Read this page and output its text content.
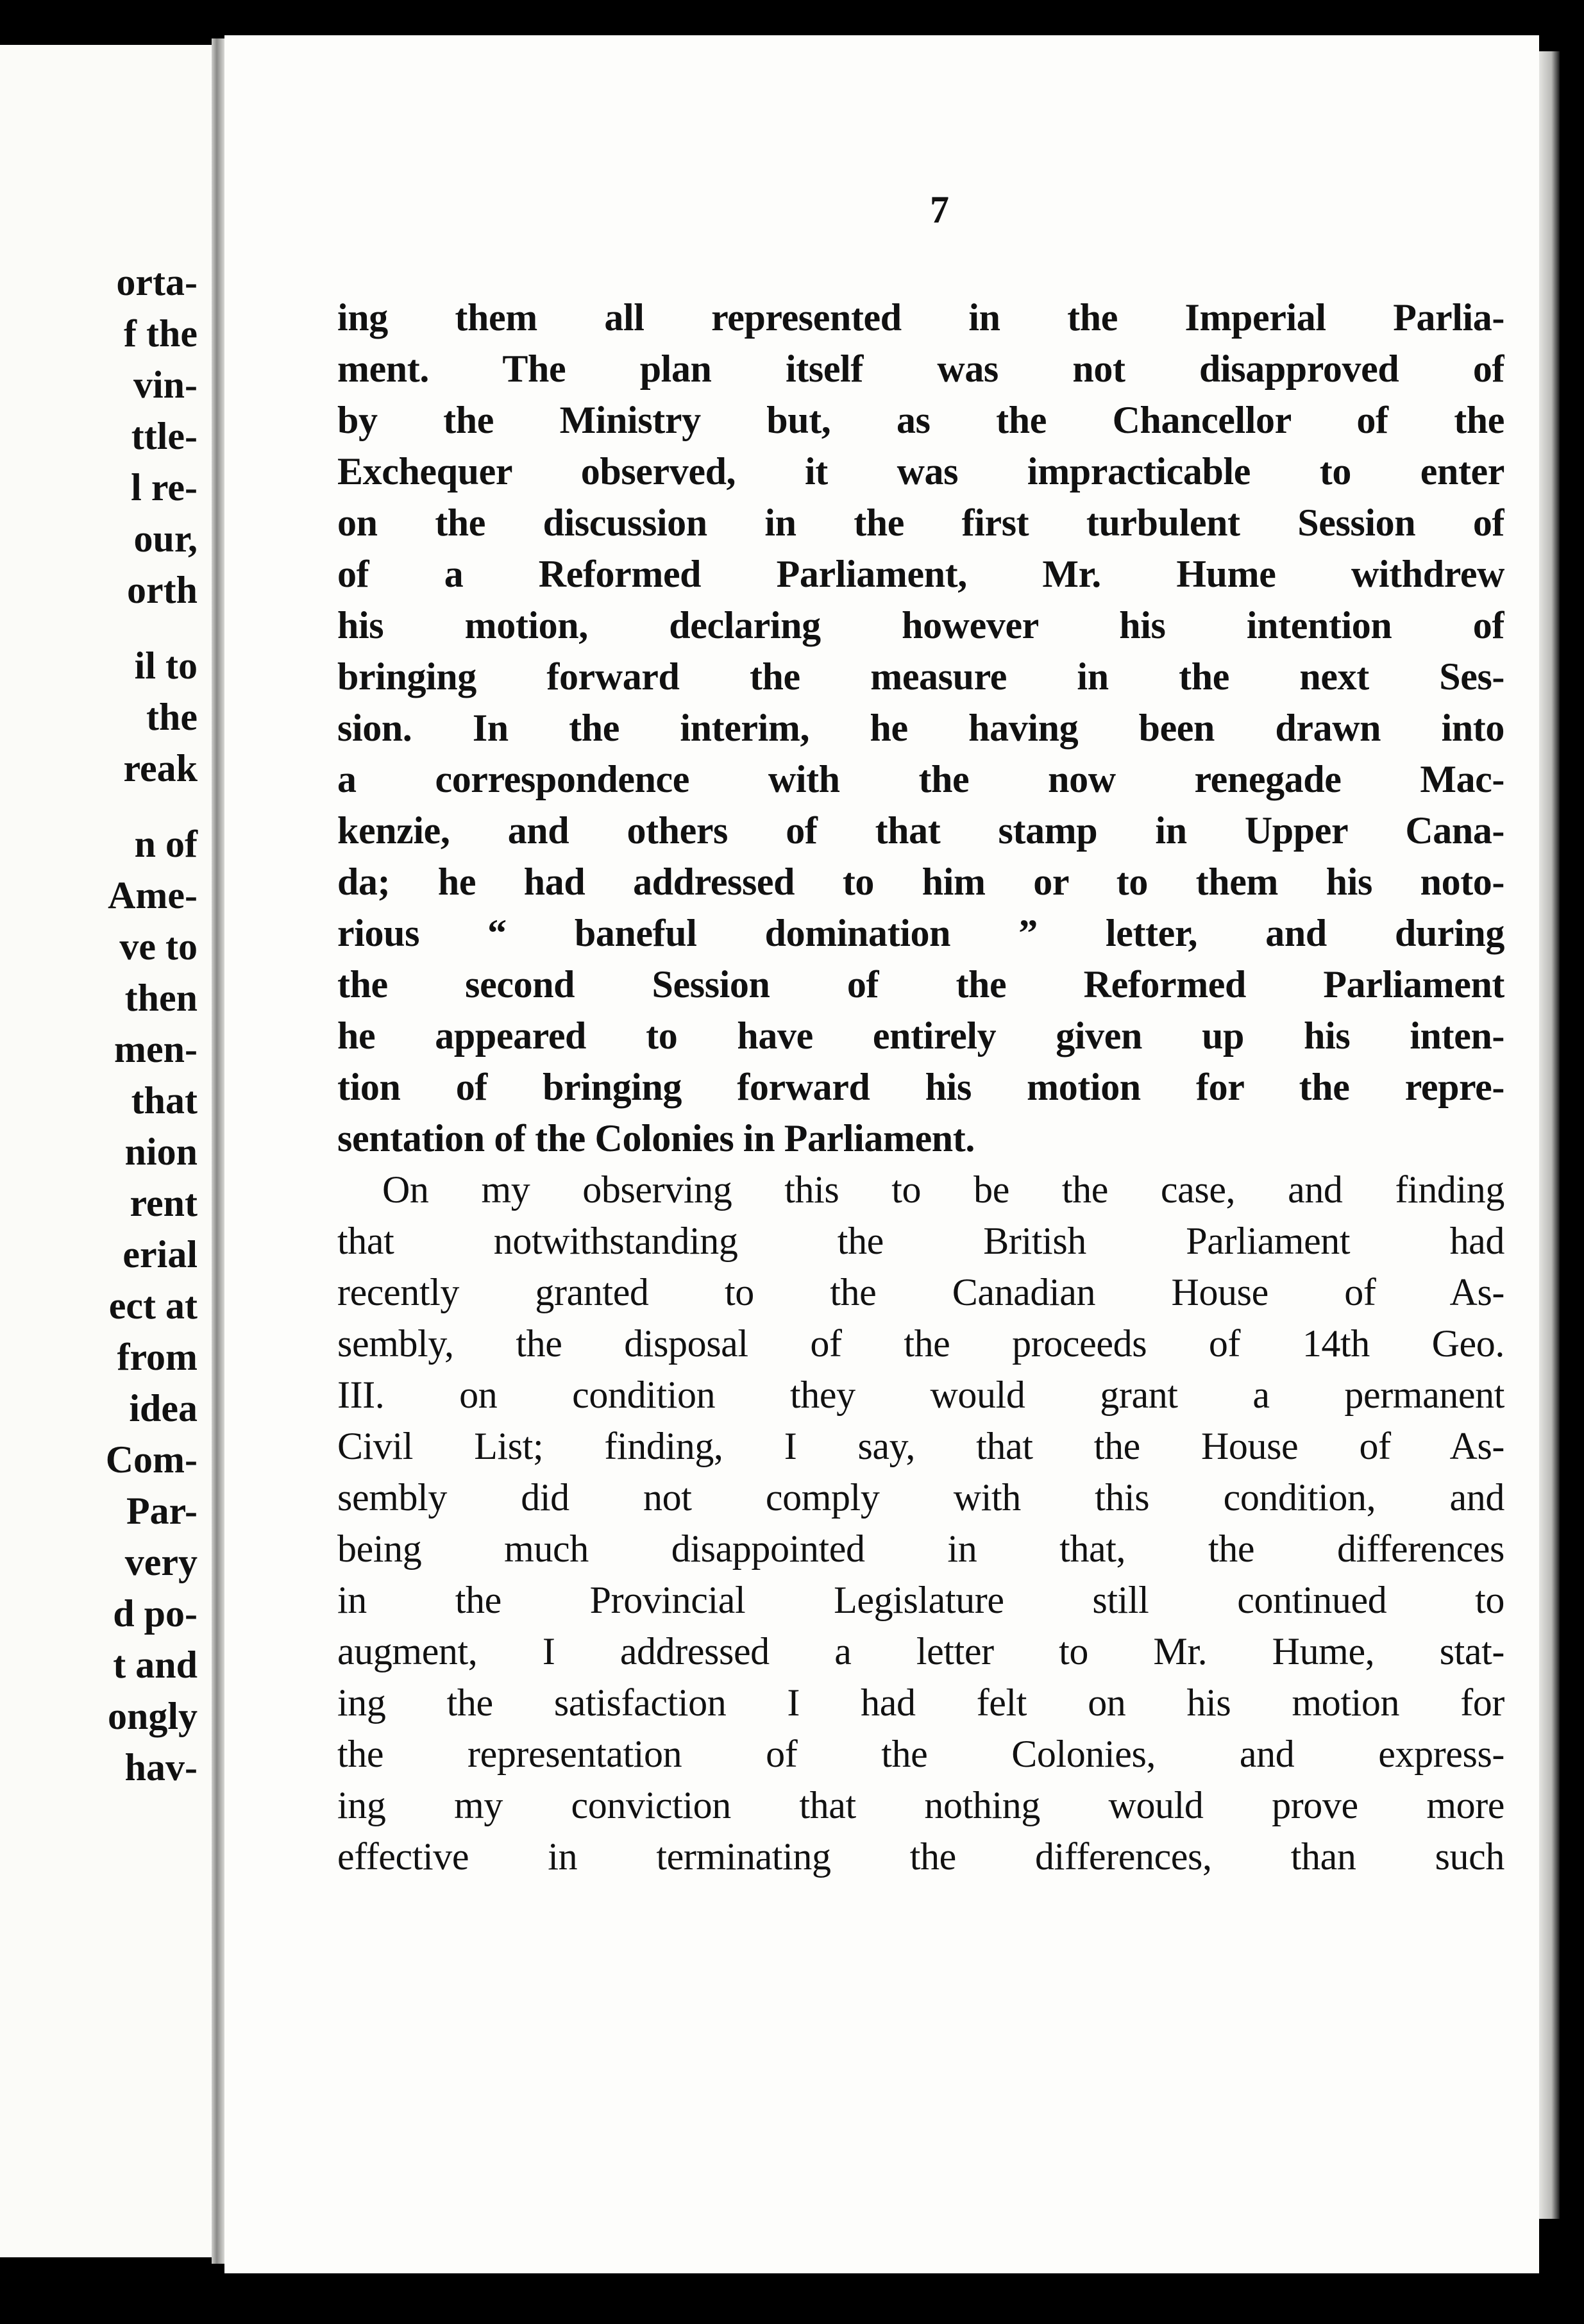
orta-
f the
vin-
ttle-
l re-
our,
orth
il to
the
reak
n of
Ame-
ve to
then
men-
that
nion
rent
erial
ect at
from
idea
Com-
Par-
very
d po-
t and
ongly
hav-
7
ing them all represented in the Imperial Parlia-
ment. The plan itself was not disapproved of
by the Ministry but, as the Chancellor of the
Exchequer observed, it was impracticable to enter
on the discussion in the first turbulent Session of
of a Reformed Parliament, Mr. Hume withdrew
his motion, declaring however his intention of
bringing forward the measure in the next Ses-
sion. In the interim, he having been drawn into
a correspondence with the now renegade Mac-
kenzie, and others of that stamp in Upper Cana-
da; he had addressed to him or to them his noto-
rious “ baneful domination ” letter, and during
the second Session of the Reformed Parliament
he appeared to have entirely given up his inten-
tion of bringing forward his motion for the repre-
sentation of the Colonies in Parliament.
On my observing this to be the case, and finding
that notwithstanding the British Parliament had
recently granted to the Canadian House of As-
sembly, the disposal of the proceeds of 14th Geo.
III. on condition they would grant a permanent
Civil List; finding, I say, that the House of As-
sembly did not comply with this condition, and
being much disappointed in that, the differences
in the Provincial Legislature still continued to
augment, I addressed a letter to Mr. Hume, stat-
ing the satisfaction I had felt on his motion for
the representation of the Colonies, and express-
ing my conviction that nothing would prove more
effective in terminating the differences, than such
